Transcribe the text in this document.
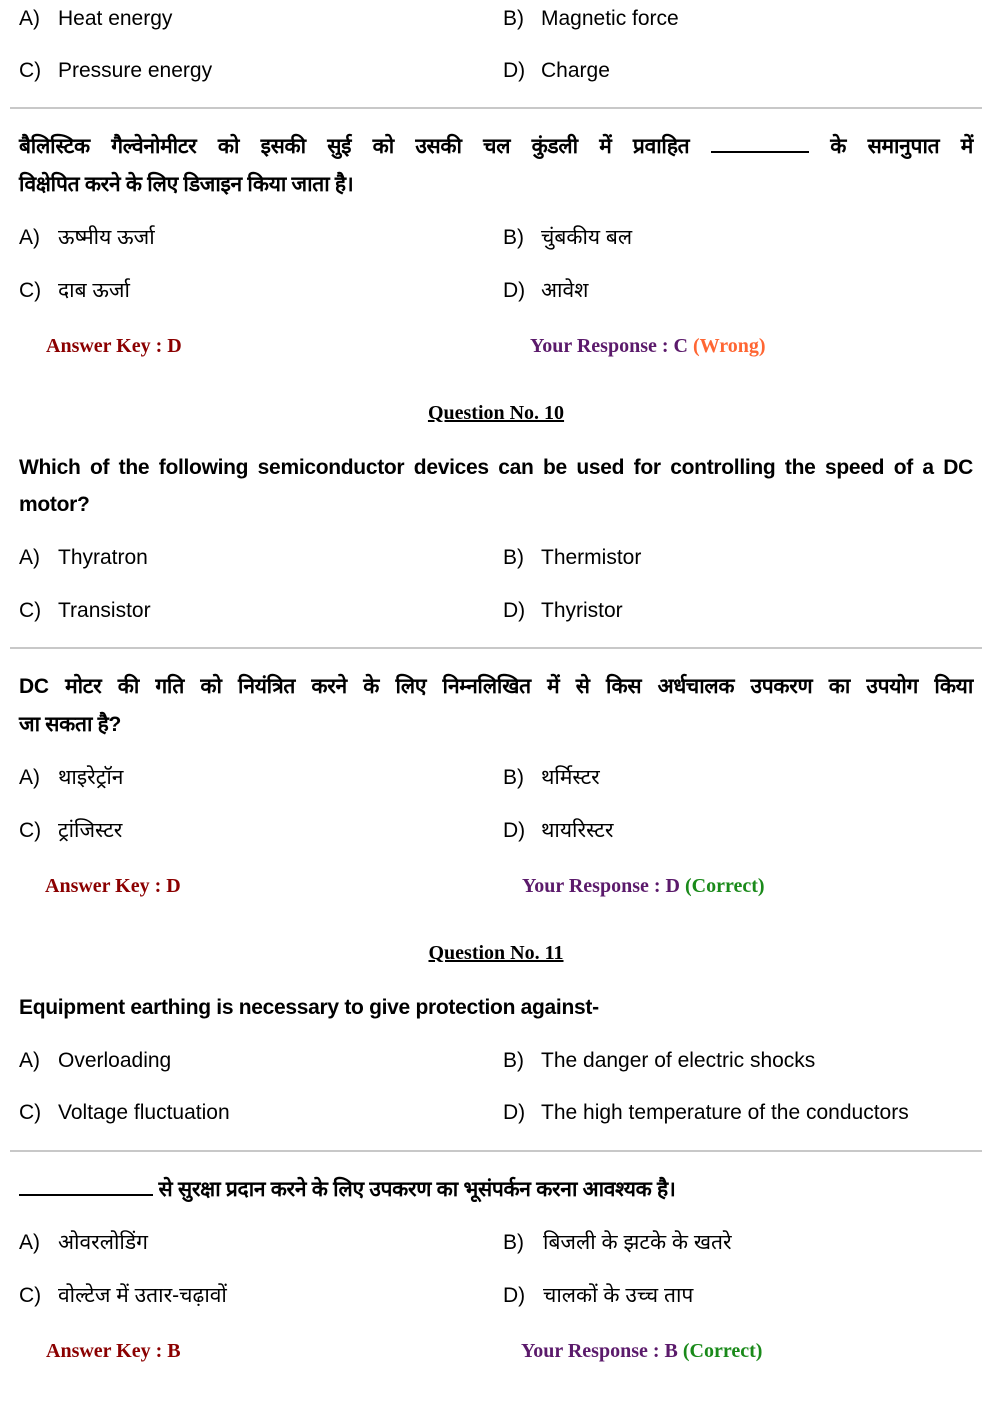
A) Heat energy	B) Magnetic force
C) Pressure energy	D) Charge
बैलिस्टिक गैल्वेनोमीटर को इसकी सुई को उसकी चल कुंडली में प्रवाहित	के समानुपात में
विक्षेपित करने के लिए डिजाइन किया जाता है।
A) ऊष्मीय ऊर्जा	B) चुंबकीय बल
C) दाब ऊर्जा	D) आवेश
Answer Key : D	Your Response : C (Wrong)
Question No. 10
Which of the following semiconductor devices can be used for controlling the speed of a DC
motor?
A) Thyratron	B) Thermistor
C) Transistor	D) Thyristor
DC मोटर की गति को नियंत्रित करने के लिए निम्नलिखित में से किस अर्धचालक उपकरण का उपयोग किया
जा सकता है?
A) थाइरेट्रॉन	B) थर्मिस्टर
C) ट्रांजिस्टर	D) थायरिस्टर
Answer Key : D	Your Response : D (Correct)
Question No. 11
Equipment earthing is necessary to give protection against-
A) Overloading	B) The danger of electric shocks
C) Voltage fluctuation	D) The high temperature of the conductors
से सुरक्षा प्रदान करने के लिए उपकरण का भूसंपर्कन करना आवश्यक है।
A) ओवरलोडिंग	B) बिजली के झटके के खतरे
C) वोल्टेज में उतार-चढ़ावों	D) चालकों के उच्च ताप
Answer Key : B	Your Response : B (Correct)
